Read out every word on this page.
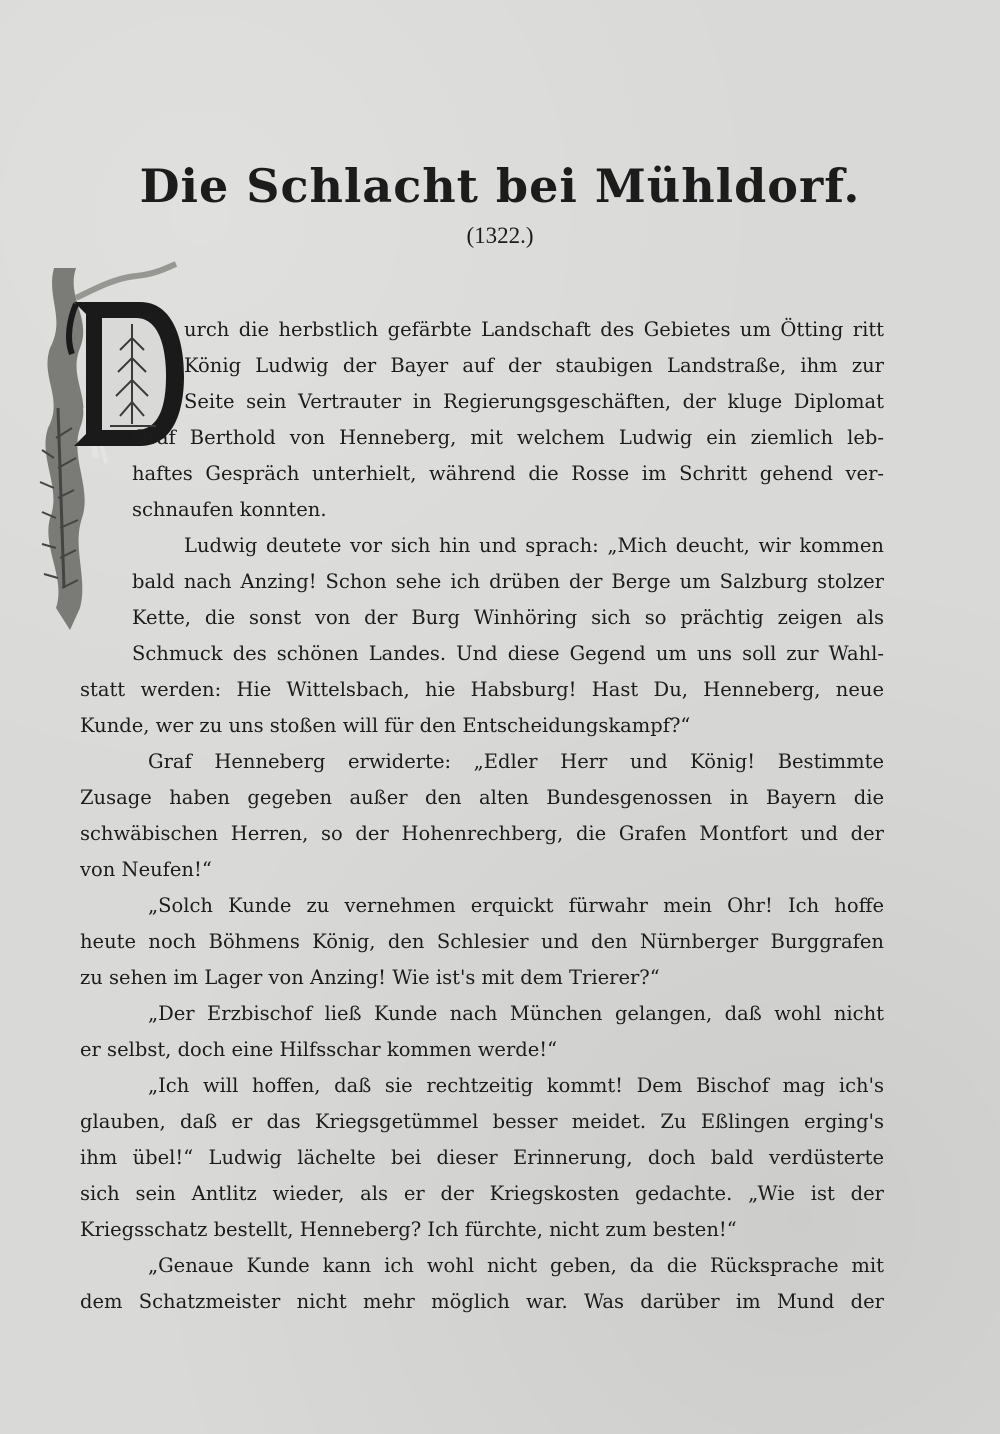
Die Schlacht bei Mühldorf.
(1322.)
urch die herbstlich gefärbte Landschaft des Gebietes um Ötting ritt
König Ludwig der Bayer auf der staubigen Landstraße, ihm zur
Seite sein Vertrauter in Regierungsgeschäften, der kluge Diplomat
Graf Berthold von Henneberg, mit welchem Ludwig ein ziemlich leb-
haftes Gespräch unterhielt, während die Rosse im Schritt gehend ver-
schnaufen konnten.
Ludwig deutete vor sich hin und sprach: „Mich deucht, wir kommen
bald nach Anzing! Schon sehe ich drüben der Berge um Salzburg stolzer
Kette, die sonst von der Burg Winhöring sich so prächtig zeigen als
Schmuck des schönen Landes. Und diese Gegend um uns soll zur Wahl-
statt werden: Hie Wittelsbach, hie Habsburg! Hast Du, Henneberg, neue
Kunde, wer zu uns stoßen will für den Entscheidungskampf?“
Graf Henneberg erwiderte: „Edler Herr und König! Bestimmte
Zusage haben gegeben außer den alten Bundesgenossen in Bayern die
schwäbischen Herren, so der Hohenrechberg, die Grafen Montfort und der
von Neufen!“
„Solch Kunde zu vernehmen erquickt fürwahr mein Ohr! Ich hoffe
heute noch Böhmens König, den Schlesier und den Nürnberger Burggrafen
zu sehen im Lager von Anzing! Wie ist's mit dem Trierer?“
„Der Erzbischof ließ Kunde nach München gelangen, daß wohl nicht
er selbst, doch eine Hilfsschar kommen werde!“
„Ich will hoffen, daß sie rechtzeitig kommt! Dem Bischof mag ich's
glauben, daß er das Kriegsgetümmel besser meidet. Zu Eßlingen erging's
ihm übel!“ Ludwig lächelte bei dieser Erinnerung, doch bald verdüsterte
sich sein Antlitz wieder, als er der Kriegskosten gedachte. „Wie ist der
Kriegsschatz bestellt, Henneberg? Ich fürchte, nicht zum besten!“
„Genaue Kunde kann ich wohl nicht geben, da die Rücksprache mit
dem Schatzmeister nicht mehr möglich war. Was darüber im Mund der
